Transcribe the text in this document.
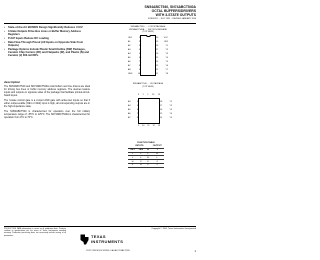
SN54ABCT540, SN74ABCT540A
OCTAL BUFFERS/DRIVERS
WITH 3-STATE OUTPUTS
SCBS070C – JULY 1991 – REVISED JANUARY 1996
▪ State-of-the-Art BiCMOS Design Significantly Reduces I CCZ
▪ 3-State Outputs Drive Bus Lines or Buffer Memory Address Registers
▪ P-N-P Inputs Reduce DC Loading
▪ Data Flow-Through Pinout (All Inputs on Opposite Side From Outputs)
▪ Package Options Include Plastic Small-Outline (DW) Packages, Ceramic Chip Carriers (FK) and Flatpacks (W), and Plastic (N) and Ceramic (J) 300-mil DIPs
description

The SN54ABCT540 and SN74ABCT540A octal buffers and line drivers are ideal for driving bus lines or buffer memory address registers. The devices feature inputs and outputs on opposite sides of the package that facilitate printed-circuit-board layout.

The 3-state control gate is a 2-input AND gate with active-low inputs so that if either output-enable (OE1 or OE2) input is high, all corresponding outputs are in the high-impedance state.

The SN54ABCT540 is characterized for operation over the full military temperature range of –55°C to 125°C. The SN74ABCT540A is characterized for operation from 0°C to 70°C.

SN54ABCT540 . . . J OR W PACKAGE
SN74ABCT540A . . . DW OR N PACKAGE
(TOP VIEW)
OE1	1
A1	2
A2	3
A3	4
A4	5
A5	6
A6	7
A7	8
A8	9
GND	10
20	VCC
19	OE2
18	Y1
17	Y2
16	Y3
15	Y4
14	Y5
13	Y6
12	Y7
11	Y8
SN54ABCT540 . . . FK PACKAGE
(TOP VIEW)
3 2 1 20 19
9 10 11 12 13
A3	4
A4	5
A5	6
A6	7
A7	8
18	Y1
17	Y2
16	Y3
15	Y4
14	Y5
FUNCTION TABLE
INPUTS			OUTPUT
OE1	OE2	A	Y
L	L	L	H
L	L	H	L
H	X	X	Z
X	H	X	Z
PRODUCTION DATA information is current as of publication date. Products conform to specifications per the terms of Texas Instruments standard warranty. Production processing does not necessarily include testing of all parameters.
Copyright © 1996, Texas Instruments Incorporated
TEXAS
INSTRUMENTS
POST OFFICE BOX 655303 • DALLAS, TEXAS 75265	1
